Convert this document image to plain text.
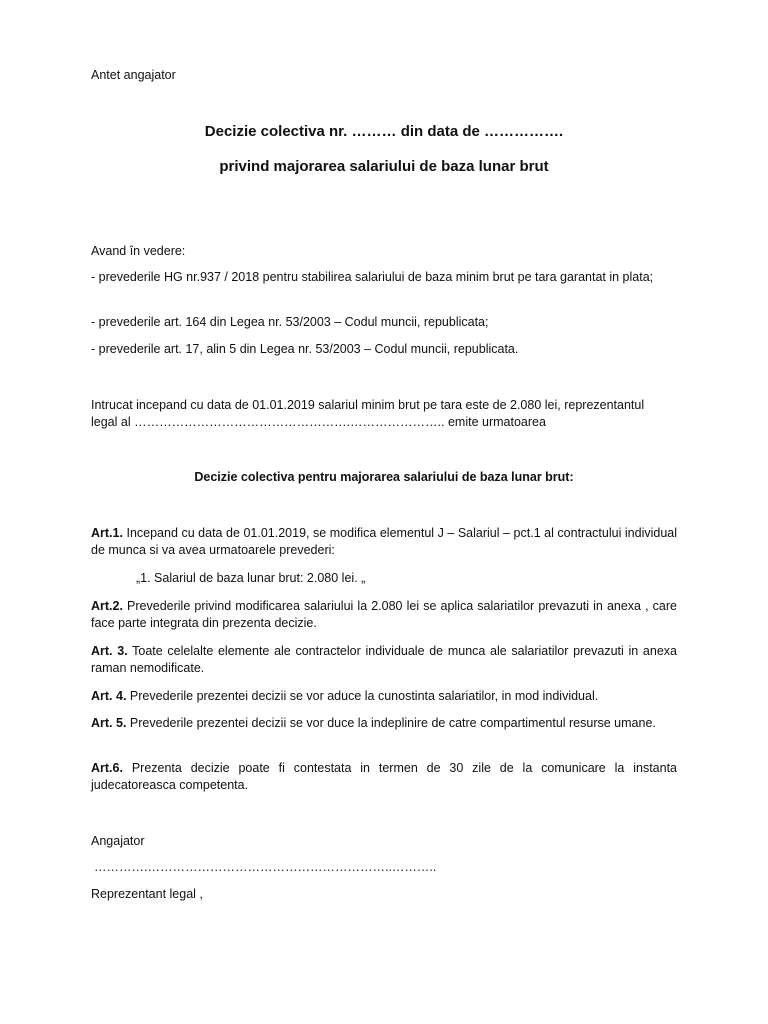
Antet angajator

Decizie colectiva nr. ……… din data de …………….

privind majorarea salariului de baza lunar brut

Avand în vedere:

- prevederile HG nr.937 / 2018 pentru stabilirea salariului de baza minim brut pe tara garantat in plata;

- prevederile art. 164 din Legea nr. 53/2003 – Codul muncii, republicata;

- prevederile art. 17, alin 5 din Legea nr. 53/2003 – Codul muncii, republicata.

Intrucat incepand cu data de 01.01.2019 salariul minim brut pe tara este de 2.080 lei, reprezentantul
legal al …………………………………………….………………….. emite urmatoarea

Decizie colectiva pentru majorarea salariului de baza lunar brut:

Art.1. Incepand cu data de 01.01.2019, se modifica elementul J – Salariul – pct.1 al contractului individual de munca si va avea urmatoarele prevederi:

„1. Salariul de baza lunar brut: 2.080 lei. „

Art.2. Prevederile privind modificarea salariului la 2.080 lei se aplica salariatilor prevazuti in anexa , care face parte integrata din prezenta decizie.

Art. 3. Toate celelalte elemente ale contractelor individuale de munca ale salariatilor prevazuti in anexa raman nemodificate.

Art. 4. Prevederile prezentei decizii se vor aduce la cunostinta salariatilor, in mod individual.

Art. 5. Prevederile prezentei decizii se vor duce la indeplinire de catre compartimentul resurse umane.

Art.6. Prezenta decizie poate fi contestata in termen de 30 zile de la comunicare la instanta judecatoreasca competenta.

Angajator

………….…………………………………………………..………..

Reprezentant legal ,
